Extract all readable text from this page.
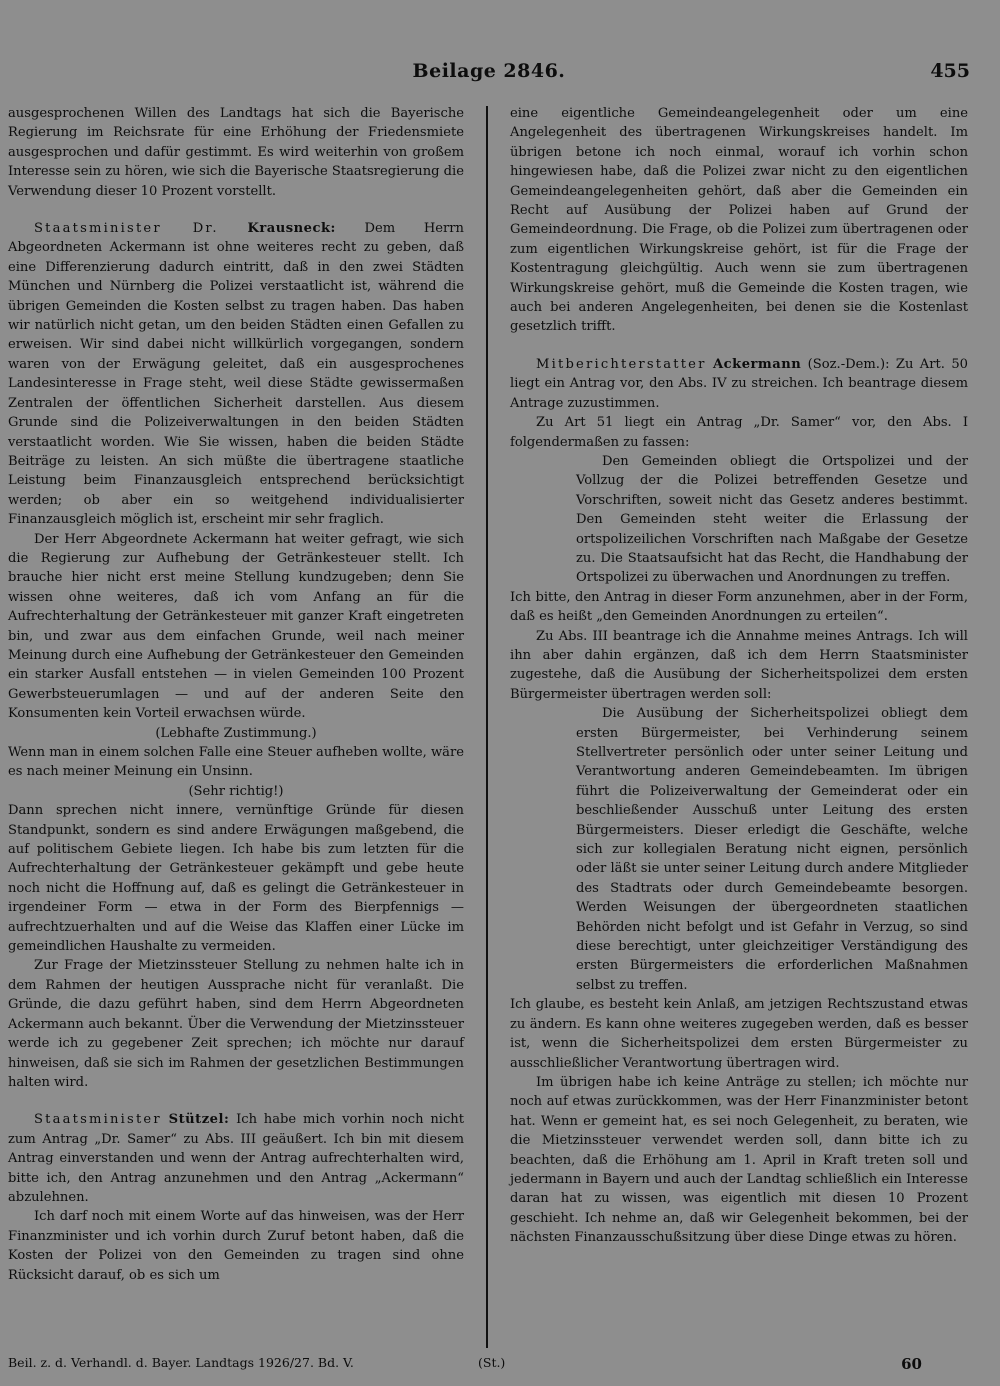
Beilage 2846.	455

ausgesprochenen Willen des Landtags hat sich die Bayerische Regierung im Reichsrate für eine Erhöhung der Friedensmiete ausgesprochen und dafür gestimmt. Es wird weiterhin von großem Interesse sein zu hören, wie sich die Bayerische Staatsregierung die Verwendung dieser 10 Prozent vorstellt.

Staatsminister Dr. Krausneck: Dem Herrn Abgeordneten Ackermann ist ohne weiteres recht zu geben, daß eine Differenzierung dadurch eintritt, daß in den zwei Städten München und Nürnberg die Polizei verstaatlicht ist, während die übrigen Gemeinden die Kosten selbst zu tragen haben. Das haben wir natürlich nicht getan, um den beiden Städten einen Gefallen zu erweisen. Wir sind dabei nicht willkürlich vorgegangen, sondern waren von der Erwägung geleitet, daß ein ausgesprochenes Landesinteresse in Frage steht, weil diese Städte gewissermaßen Zentralen der öffentlichen Sicherheit darstellen. Aus diesem Grunde sind die Polizeiverwaltungen in den beiden Städten verstaatlicht worden. Wie Sie wissen, haben die beiden Städte Beiträge zu leisten. An sich müßte die übertragene staatliche Leistung beim Finanzausgleich entsprechend berücksichtigt werden; ob aber ein so weitgehend individualisierter Finanzausgleich möglich ist, erscheint mir sehr fraglich.

Der Herr Abgeordnete Ackermann hat weiter gefragt, wie sich die Regierung zur Aufhebung der Getränkesteuer stellt. Ich brauche hier nicht erst meine Stellung kundzugeben; denn Sie wissen ohne weiteres, daß ich vom Anfang an für die Aufrechterhaltung der Getränkesteuer mit ganzer Kraft eingetreten bin, und zwar aus dem einfachen Grunde, weil nach meiner Meinung durch eine Aufhebung der Getränkesteuer den Gemeinden ein starker Ausfall entstehen — in vielen Gemeinden 100 Prozent Gewerbsteuerumlagen — und auf der anderen Seite den Konsumenten kein Vorteil erwachsen würde.

(Lebhafte Zustimmung.)

Wenn man in einem solchen Falle eine Steuer aufheben wollte, wäre es nach meiner Meinung ein Unsinn.

(Sehr richtig!)

Dann sprechen nicht innere, vernünftige Gründe für diesen Standpunkt, sondern es sind andere Erwägungen maßgebend, die auf politischem Gebiete liegen. Ich habe bis zum letzten für die Aufrechterhaltung der Getränkesteuer gekämpft und gebe heute noch nicht die Hoffnung auf, daß es gelingt die Getränkesteuer in irgendeiner Form — etwa in der Form des Bierpfennigs — aufrechtzuerhalten und auf die Weise das Klaffen einer Lücke im gemeindlichen Haushalte zu vermeiden.

Zur Frage der Mietzinssteuer Stellung zu nehmen halte ich in dem Rahmen der heutigen Aussprache nicht für veranlaßt. Die Gründe, die dazu geführt haben, sind dem Herrn Abgeordneten Ackermann auch bekannt. Über die Verwendung der Mietzinssteuer werde ich zu gegebener Zeit sprechen; ich möchte nur darauf hinweisen, daß sie sich im Rahmen der gesetzlichen Bestimmungen halten wird.

Staatsminister Stützel: Ich habe mich vorhin noch nicht zum Antrag „Dr. Samer“ zu Abs. III geäußert. Ich bin mit diesem Antrag einverstanden und wenn der Antrag aufrechterhalten wird, bitte ich, den Antrag anzunehmen und den Antrag „Ackermann“ abzulehnen.

Ich darf noch mit einem Worte auf das hinweisen, was der Herr Finanzminister und ich vorhin durch Zuruf betont haben, daß die Kosten der Polizei von den Gemeinden zu tragen sind ohne Rücksicht darauf, ob es sich um

eine eigentliche Gemeindeangelegenheit oder um eine Angelegenheit des übertragenen Wirkungskreises handelt. Im übrigen betone ich noch einmal, worauf ich vorhin schon hingewiesen habe, daß die Polizei zwar nicht zu den eigentlichen Gemeindeangelegenheiten gehört, daß aber die Gemeinden ein Recht auf Ausübung der Polizei haben auf Grund der Gemeindeordnung. Die Frage, ob die Polizei zum übertragenen oder zum eigentlichen Wirkungskreise gehört, ist für die Frage der Kostentragung gleichgültig. Auch wenn sie zum übertragenen Wirkungskreise gehört, muß die Gemeinde die Kosten tragen, wie auch bei anderen Angelegenheiten, bei denen sie die Kostenlast gesetzlich trifft.

Mitberichterstatter Ackermann (Soz.-Dem.): Zu Art. 50 liegt ein Antrag vor, den Abs. IV zu streichen. Ich beantrage diesem Antrage zuzustimmen.

Zu Art 51 liegt ein Antrag „Dr. Samer“ vor, den Abs. I folgendermaßen zu fassen:

Den Gemeinden obliegt die Ortspolizei und der Vollzug der die Polizei betreffenden Gesetze und Vorschriften, soweit nicht das Gesetz anderes bestimmt. Den Gemeinden steht weiter die Erlassung der ortspolizeilichen Vorschriften nach Maßgabe der Gesetze zu. Die Staatsaufsicht hat das Recht, die Handhabung der Ortspolizei zu überwachen und Anordnungen zu treffen.

Ich bitte, den Antrag in dieser Form anzunehmen, aber in der Form, daß es heißt „den Gemeinden Anordnungen zu erteilen“.

Zu Abs. III beantrage ich die Annahme meines Antrags. Ich will ihn aber dahin ergänzen, daß ich dem Herrn Staatsminister zugestehe, daß die Ausübung der Sicherheitspolizei dem ersten Bürgermeister übertragen werden soll:

Die Ausübung der Sicherheitspolizei obliegt dem ersten Bürgermeister, bei Verhinderung seinem Stellvertreter persönlich oder unter seiner Leitung und Verantwortung anderen Gemeindebeamten. Im übrigen führt die Polizeiverwaltung der Gemeinderat oder ein beschließender Ausschuß unter Leitung des ersten Bürgermeisters. Dieser erledigt die Geschäfte, welche sich zur kollegialen Beratung nicht eignen, persönlich oder läßt sie unter seiner Leitung durch andere Mitglieder des Stadtrats oder durch Gemeindebeamte besorgen. Werden Weisungen der übergeordneten staatlichen Behörden nicht befolgt und ist Gefahr in Verzug, so sind diese berechtigt, unter gleichzeitiger Verständigung des ersten Bürgermeisters die erforderlichen Maßnahmen selbst zu treffen.

Ich glaube, es besteht kein Anlaß, am jetzigen Rechtszustand etwas zu ändern. Es kann ohne weiteres zugegeben werden, daß es besser ist, wenn die Sicherheitspolizei dem ersten Bürgermeister zu ausschließlicher Verantwortung übertragen wird.

Im übrigen habe ich keine Anträge zu stellen; ich möchte nur noch auf etwas zurückkommen, was der Herr Finanzminister betont hat. Wenn er gemeint hat, es sei noch Gelegenheit, zu beraten, wie die Mietzinssteuer verwendet werden soll, dann bitte ich zu beachten, daß die Erhöhung am 1. April in Kraft treten soll und jedermann in Bayern und auch der Landtag schließlich ein Interesse daran hat zu wissen, was eigentlich mit diesen 10 Prozent geschieht. Ich nehme an, daß wir Gelegenheit bekommen, bei der nächsten Finanzausschußsitzung über diese Dinge etwas zu hören.

Beil. z. d. Verhandl. d. Bayer. Landtags 1926/27. Bd. V.	(St.)	60
